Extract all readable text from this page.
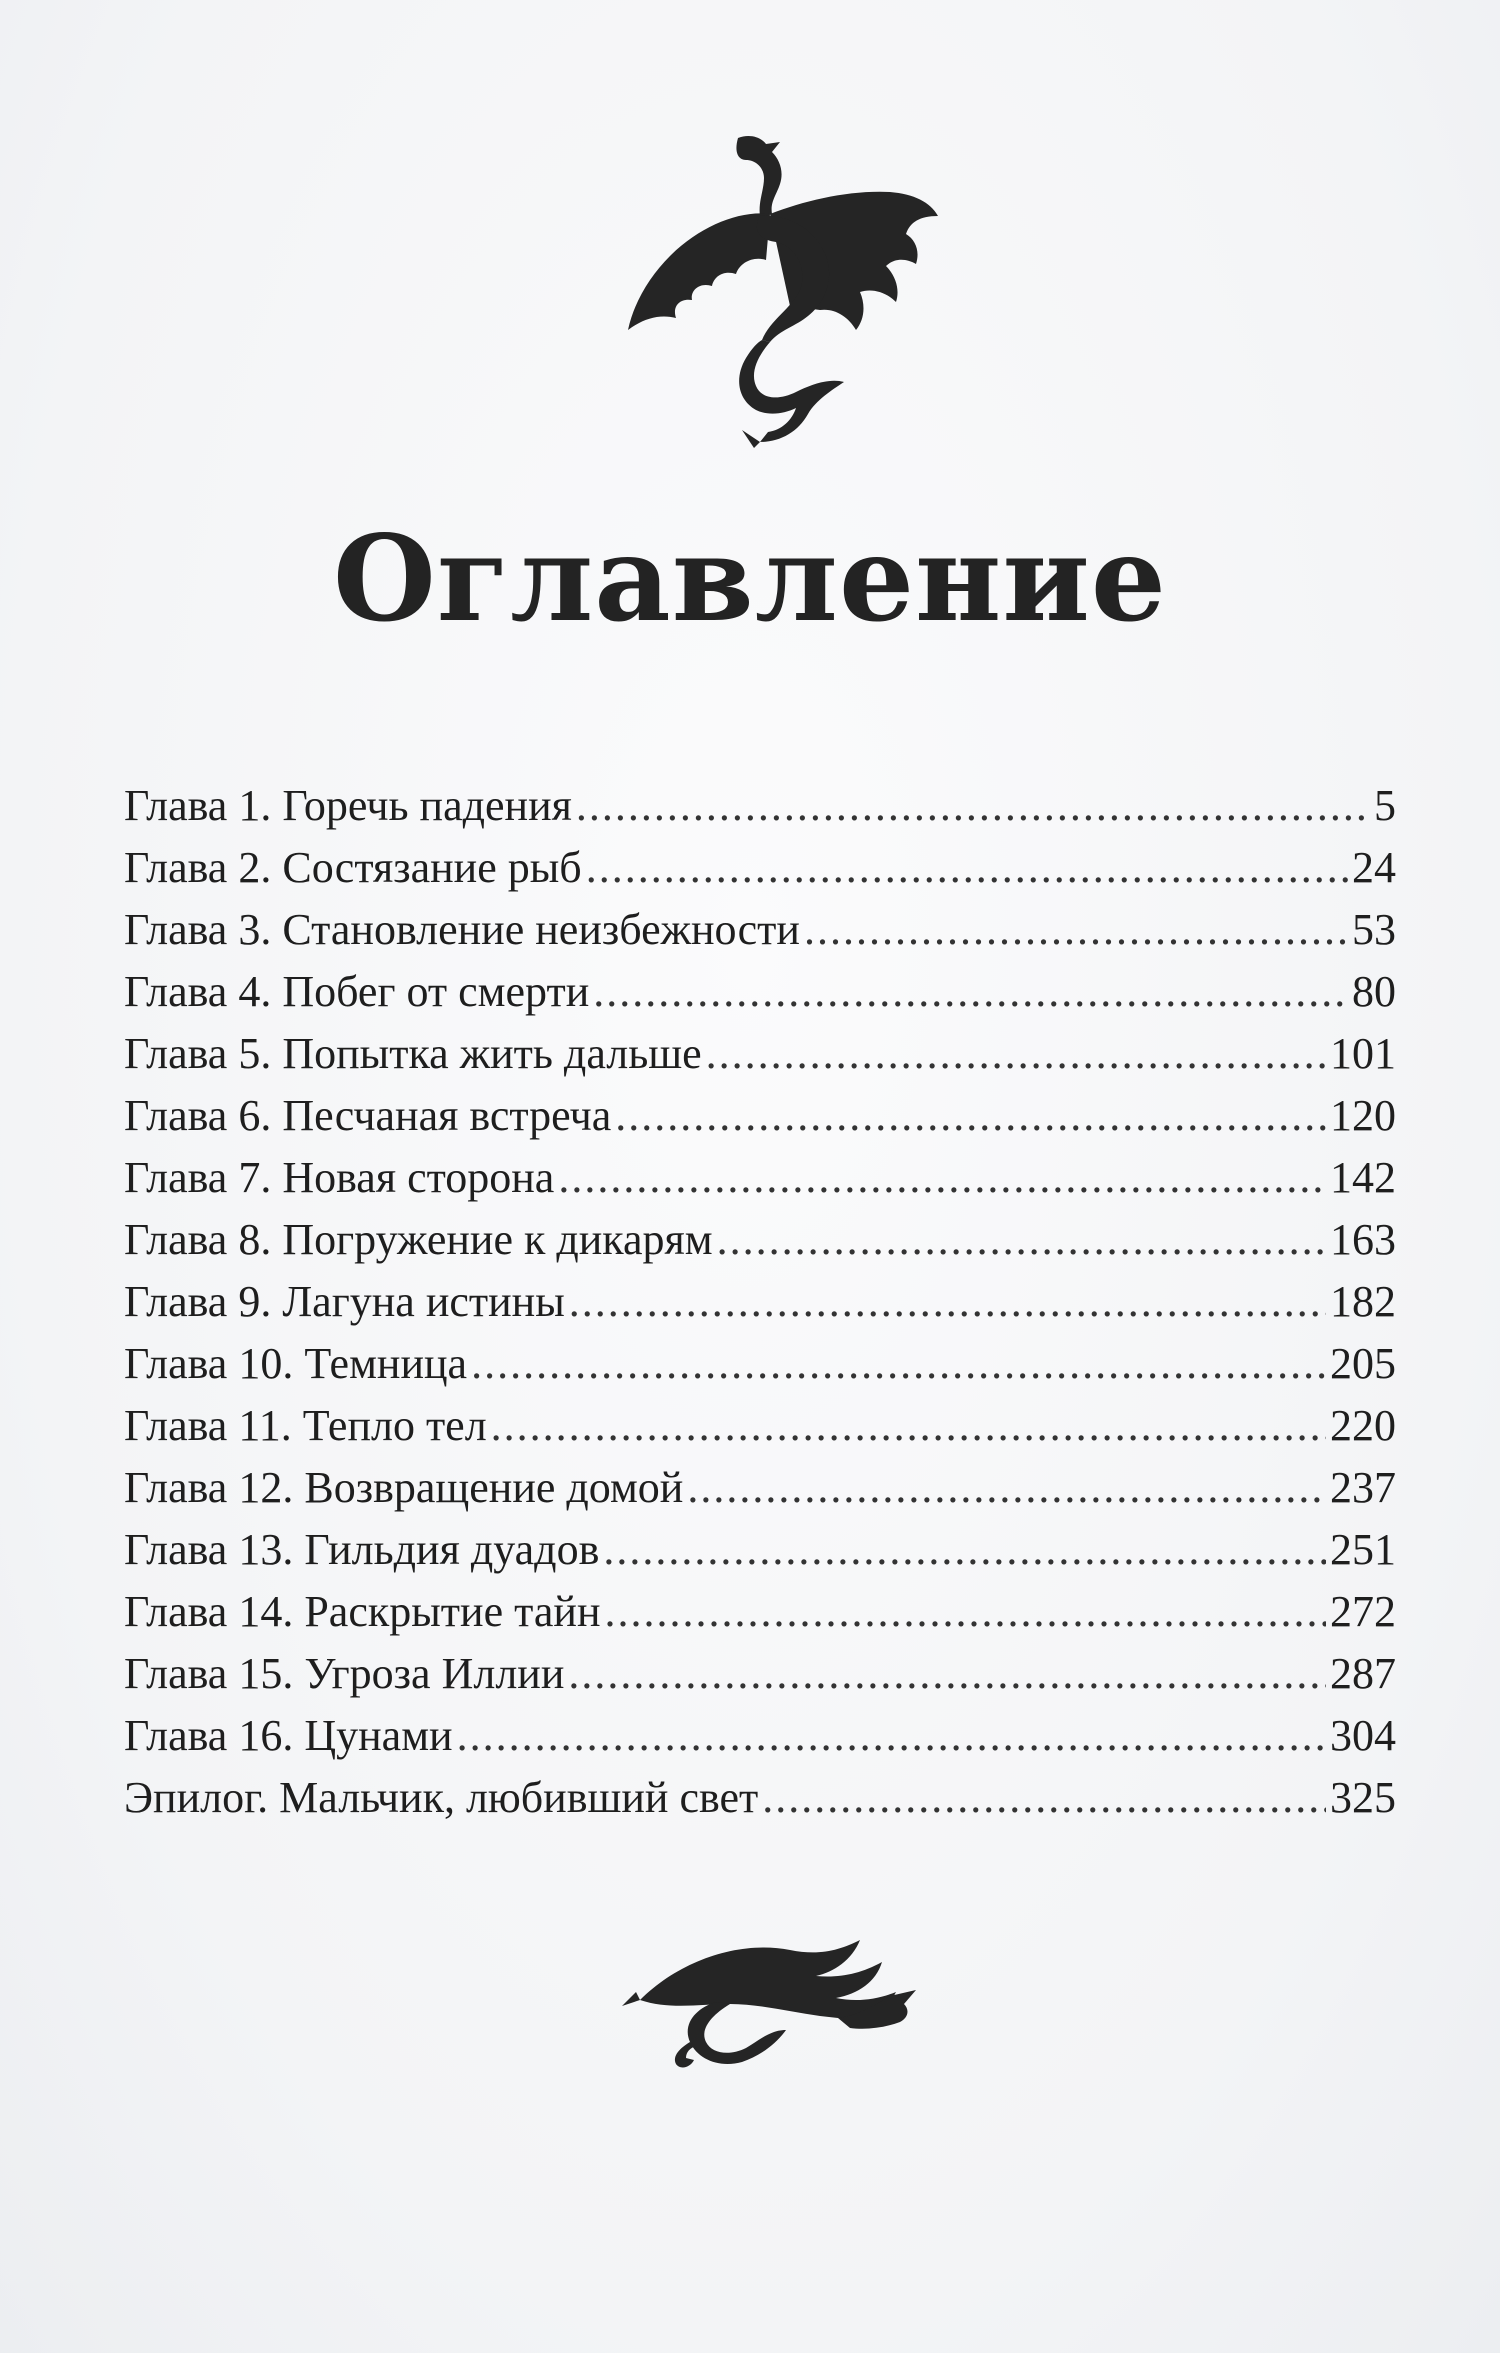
Оглавление
Глава 1. Горечь падения .....	5
Глава 2. Состязание рыб .....	24
Глава 3. Становление неизбежности .....	53
Глава 4. Побег от смерти .....	80
Глава 5. Попытка жить дальше .....	101
Глава 6. Песчаная встреча .....	120
Глава 7. Новая сторона .....	142
Глава 8. Погружение к дикарям .....	163
Глава 9. Лагуна истины .....	182
Глава 10. Темница .....	205
Глава 11. Тепло тел .....	220
Глава 12. Возвращение домой .....	237
Глава 13. Гильдия дуадов .....	251
Глава 14. Раскрытие тайн .....	272
Глава 15. Угроза Иллии .....	287
Глава 16. Цунами .....	304
Эпилог. Мальчик, любивший свет .....	325
